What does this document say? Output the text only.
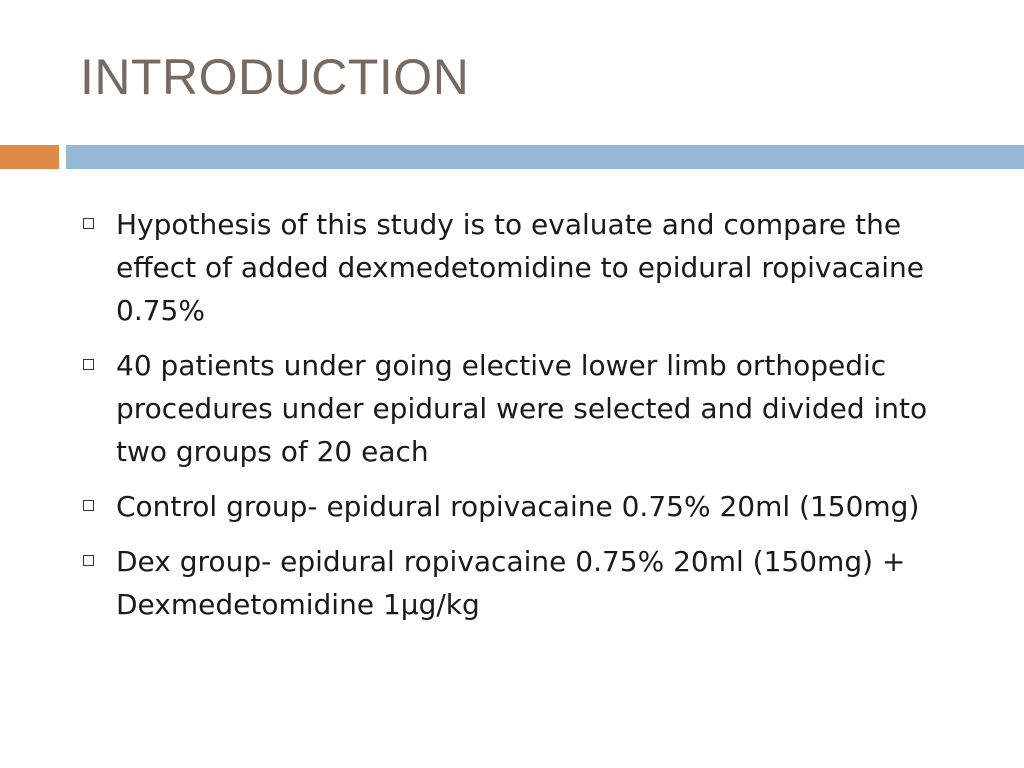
INTRODUCTION
Hypothesis of this study is to evaluate and compare the effect of added dexmedetomidine to epidural ropivacaine 0.75%
40 patients under going elective lower limb orthopedic procedures under epidural were selected and divided into two groups of 20 each
Control group- epidural ropivacaine 0.75% 20ml (150mg)
Dex group- epidural ropivacaine 0.75% 20ml (150mg) + Dexmedetomidine 1µg/kg
